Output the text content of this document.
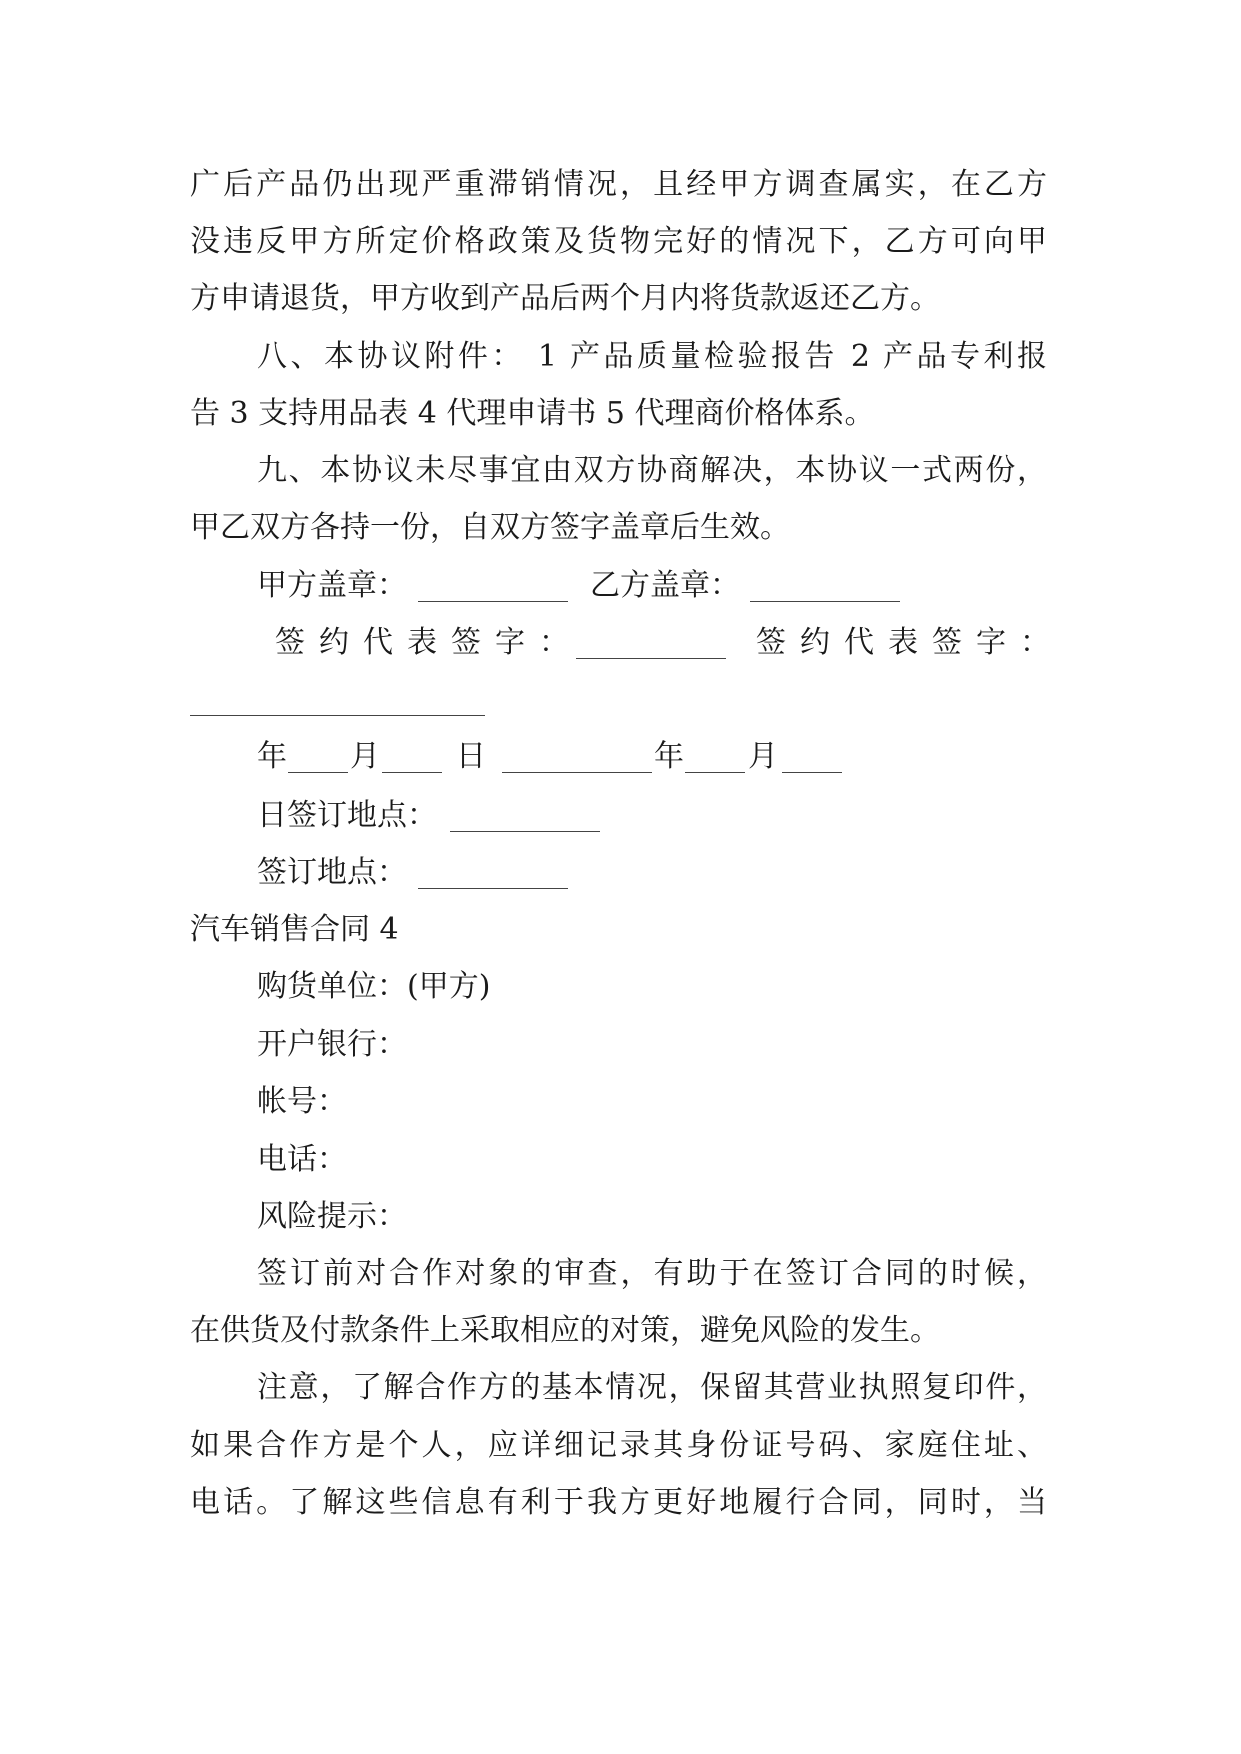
广后产品仍出现严重滞销情况，且经甲方调查属实，在乙方
没违反甲方所定价格政策及货物完好的情况下，乙方可向甲
方申请退货，甲方收到产品后两个月内将货款返还乙方。
八、本协议附件： 1 产品质量检验报告 2 产品专利报
告 3 支持用品表 4 代理申请书 5 代理商价格体系。
九、本协议未尽事宜由双方协商解决，本协议一式两份，
甲乙双方各持一份，自双方签字盖章后生效。
甲方盖章：	乙方盖章：
签约代表签字：	签约代表签字：
年 月	日	年 月
日签订地点：
签订地点：
汽车销售合同 4
购货单位：(甲方)
开户银行：
帐号：
电话：
风险提示：
签订前对合作对象的审查，有助于在签订合同的时候，
在供货及付款条件上采取相应的对策，避免风险的发生。
注意，了解合作方的基本情况，保留其营业执照复印件，
如果合作方是个人，应详细记录其身份证号码、家庭住址、
电话。了解这些信息有利于我方更好地履行合同，同时，当
